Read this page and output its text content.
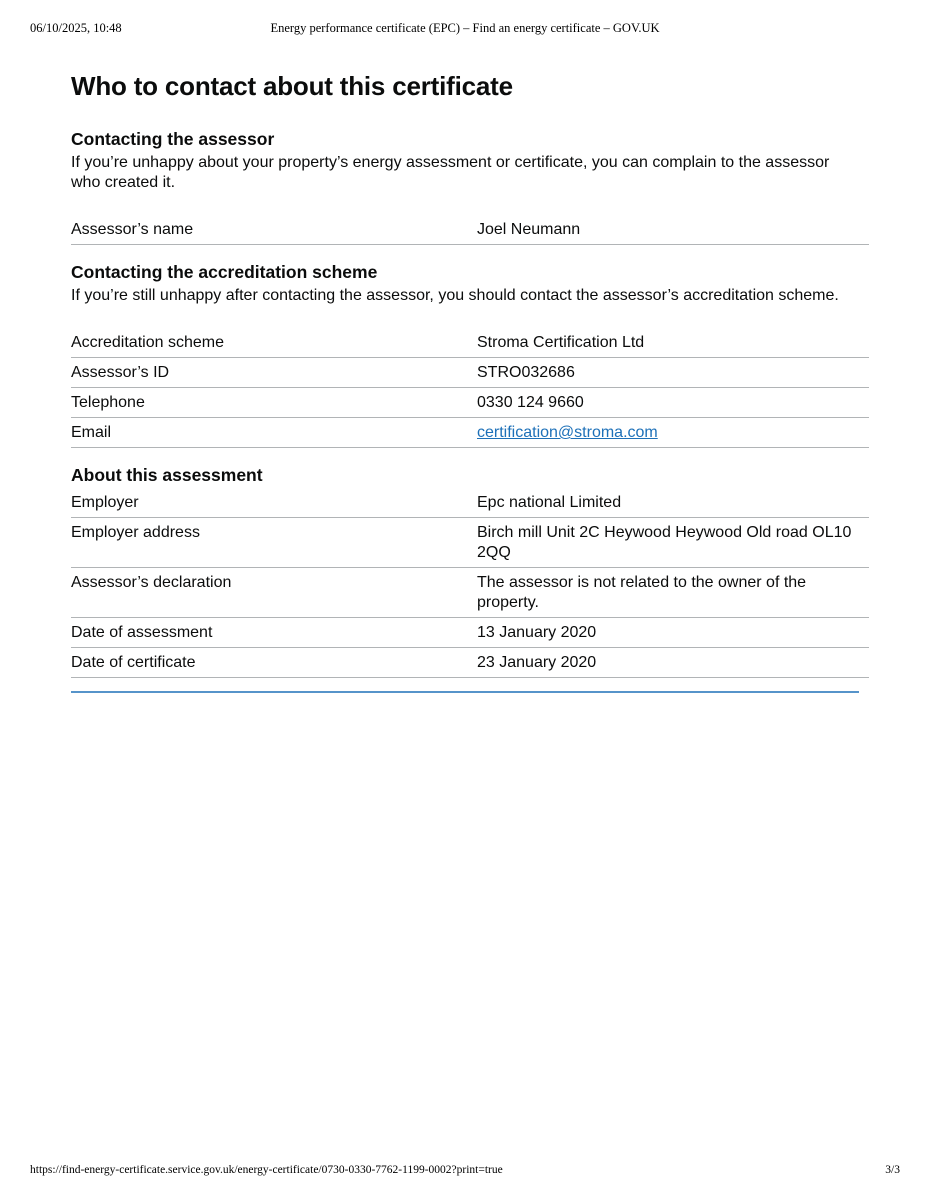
06/10/2025, 10:48	Energy performance certificate (EPC) – Find an energy certificate – GOV.UK
Who to contact about this certificate
Contacting the assessor

If you’re unhappy about your property’s energy assessment or certificate, you can complain to the assessor who created it.

Assessor’s name	Joel Neumann
Contacting the accreditation scheme

If you’re still unhappy after contacting the assessor, you should contact the assessor’s accreditation scheme.

Accreditation scheme	Stroma Certification Ltd
Assessor’s ID	STRO032686
Telephone	0330 124 9660
Email	certification@stroma.com
About this assessment
Employer	Epc national Limited
Employer address	Birch mill Unit 2C Heywood Heywood Old road OL10 2QQ
Assessor’s declaration	The assessor is not related to the owner of the property.
Date of assessment	13 January 2020
Date of certificate	23 January 2020
https://find-energy-certificate.service.gov.uk/energy-certificate/0730-0330-7762-1199-0002?print=true	3/3
